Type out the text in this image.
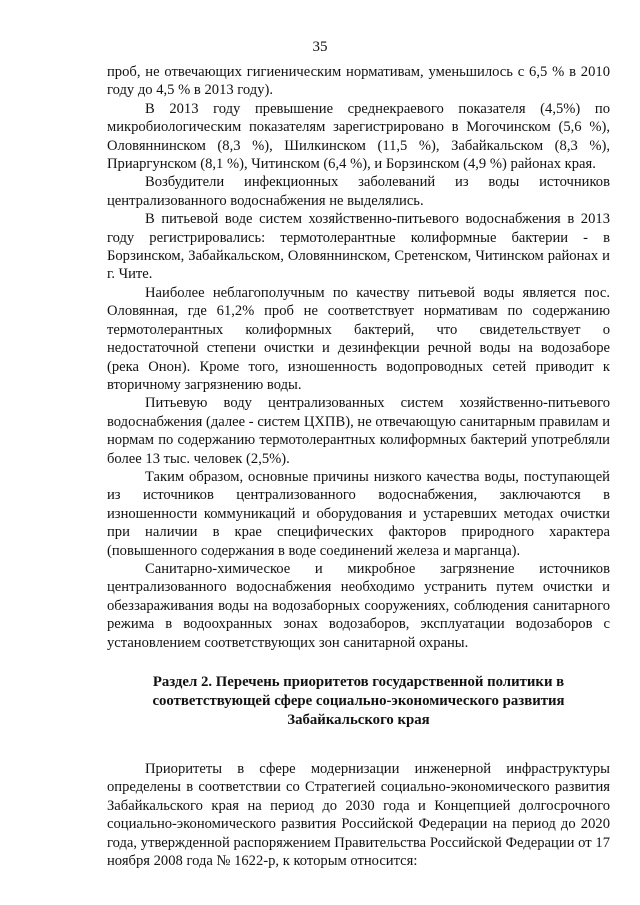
35

проб, не отвечающих гигиеническим нормативам, уменьшилось с 6,5 % в 2010 году до 4,5 % в 2013 году).

В 2013 году превышение среднекраевого показателя (4,5%) по микробиологическим показателям зарегистрировано в Могочинском (5,6 %), Оловяннинском (8,3 %), Шилкинском (11,5 %), Забайкальском (8,3 %), Приаргунском (8,1 %), Читинском (6,4 %), и Борзинском (4,9 %) районах края.

Возбудители инфекционных заболеваний из воды источников централизованного водоснабжения не выделялись.

В питьевой воде систем хозяйственно-питьевого водоснабжения в 2013 году регистрировались: термотолерантные колиформные бактерии - в Борзинском, Забайкальском, Оловяннинском, Сретенском, Читинском районах и г. Чите.

Наиболее неблагополучным по качеству питьевой воды является пос. Оловянная, где 61,2% проб не соответствует нормативам по содержанию термотолерантных колиформных бактерий, что свидетельствует о недостаточной степени очистки и дезинфекции речной воды на водозаборе (река Онон). Кроме того, изношенность водопроводных сетей приводит к вторичному загрязнению воды.

Питьевую воду централизованных систем хозяйственно-питьевого водоснабжения (далее - систем ЦХПВ), не отвечающую санитарным правилам и нормам по содержанию термотолерантных колиформных бактерий употребляли более 13 тыс. человек (2,5%).

Таким образом, основные причины низкого качества воды, поступающей из источников централизованного водоснабжения, заключаются в изношенности коммуникаций и оборудования и устаревших методах очистки при наличии в крае специфических факторов природного характера (повышенного содержания в воде соединений железа и марганца).

Санитарно-химическое и микробное загрязнение источников централизованного водоснабжения необходимо устранить путем очистки и обеззараживания воды на водозаборных сооружениях, соблюдения санитарного режима в водоохранных зонах водозаборов, эксплуатации водозаборов с установлением соответствующих зон санитарной охраны.

Раздел 2. Перечень приоритетов государственной политики в соответствующей сфере социально-экономического развития Забайкальского края

Приоритеты в сфере модернизации инженерной инфраструктуры определены в соответствии со Стратегией социально-экономического развития Забайкальского края на период до 2030 года и Концепцией долгосрочного социально-экономического развития Российской Федерации на период до 2020 года, утвержденной распоряжением Правительства Российской Федерации от 17 ноября 2008 года № 1622-р, к которым относится:
